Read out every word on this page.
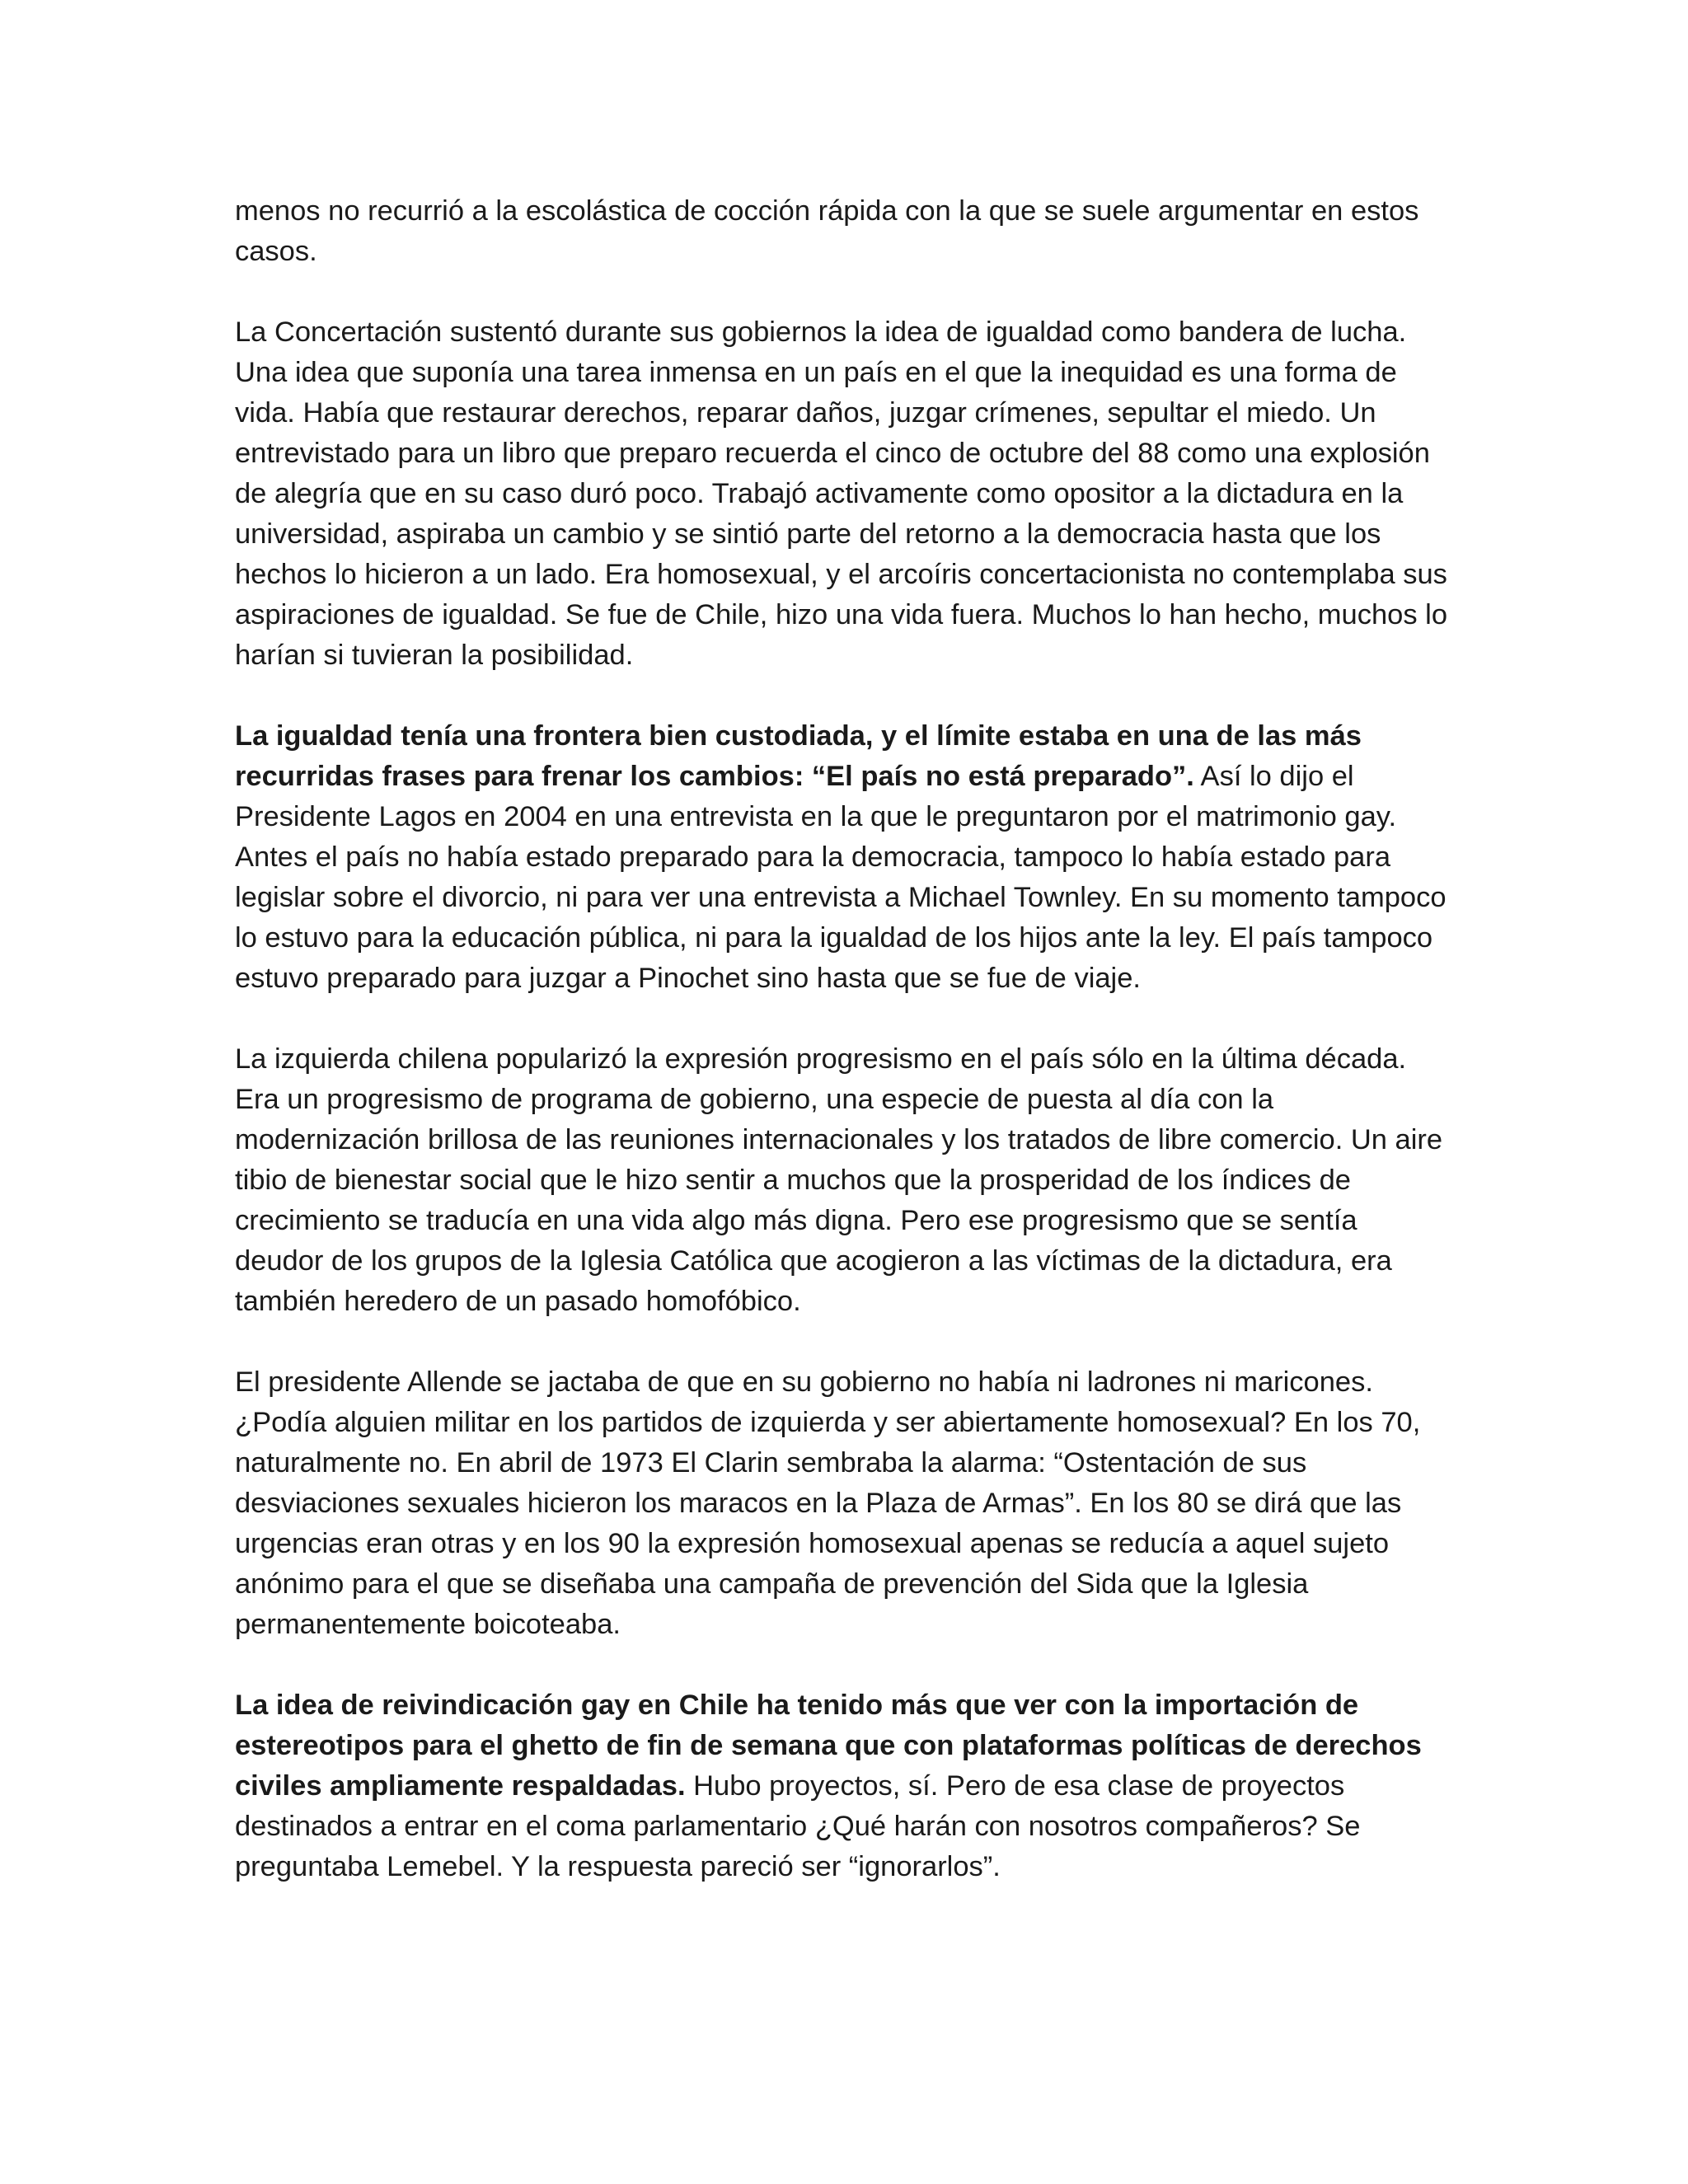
menos no recurrió a la escolástica de cocción rápida con la que se suele argumentar en estos casos.

La Concertación sustentó durante sus gobiernos la idea de igualdad como bandera de lucha. Una idea que suponía una tarea inmensa en un país en el que la inequidad es una forma de vida. Había que restaurar derechos, reparar daños, juzgar crímenes, sepultar el miedo. Un entrevistado para un libro que preparo recuerda el cinco de octubre del 88 como una explosión de alegría que en su caso duró poco. Trabajó activamente como opositor a la dictadura en la universidad, aspiraba un cambio y se sintió parte del retorno a la democracia hasta que los hechos lo hicieron a un lado. Era homosexual, y el arcoíris concertacionista no contemplaba sus aspiraciones de igualdad. Se fue de Chile, hizo una vida fuera. Muchos lo han hecho, muchos lo harían si tuvieran la posibilidad.

La igualdad tenía una frontera bien custodiada, y el límite estaba en una de las más recurridas frases para frenar los cambios: “El país no está preparado”. Así lo dijo el Presidente Lagos en 2004 en una entrevista en la que le preguntaron por el matrimonio gay. Antes el país no había estado preparado para la democracia, tampoco lo había estado para legislar sobre el divorcio, ni para ver una entrevista a Michael Townley. En su momento tampoco lo estuvo para la educación pública, ni para la igualdad de los hijos ante la ley. El país tampoco estuvo preparado para juzgar a Pinochet sino hasta que se fue de viaje.

La izquierda chilena popularizó la expresión progresismo en el país sólo en la última década. Era un progresismo de programa de gobierno, una especie de puesta al día con la modernización brillosa de las reuniones internacionales y los tratados de libre comercio. Un aire tibio de bienestar social que le hizo sentir a muchos que la prosperidad de los índices de crecimiento se traducía en una vida algo más digna. Pero ese progresismo que se sentía deudor de los grupos de la Iglesia Católica que acogieron a las víctimas de la dictadura, era también heredero de un pasado homofóbico.

El presidente Allende se jactaba de que en su gobierno no había ni ladrones ni maricones. ¿Podía alguien militar en los partidos de izquierda y ser abiertamente homosexual? En los 70, naturalmente no. En abril de 1973 El Clarin sembraba la alarma: “Ostentación de sus desviaciones sexuales hicieron los maracos en la Plaza de Armas”. En los 80 se dirá que las urgencias eran otras y en los 90 la expresión homosexual apenas se reducía a aquel sujeto anónimo para el que se diseñaba una campaña de prevención del Sida que la Iglesia permanentemente boicoteaba.

La idea de reivindicación gay en Chile ha tenido más que ver con la importación de estereotipos para el ghetto de fin de semana que con plataformas políticas de derechos civiles ampliamente respaldadas. Hubo proyectos, sí. Pero de esa clase de proyectos destinados a entrar en el coma parlamentario ¿Qué harán con nosotros compañeros? Se preguntaba Lemebel. Y la respuesta pareció ser “ignorarlos”.
